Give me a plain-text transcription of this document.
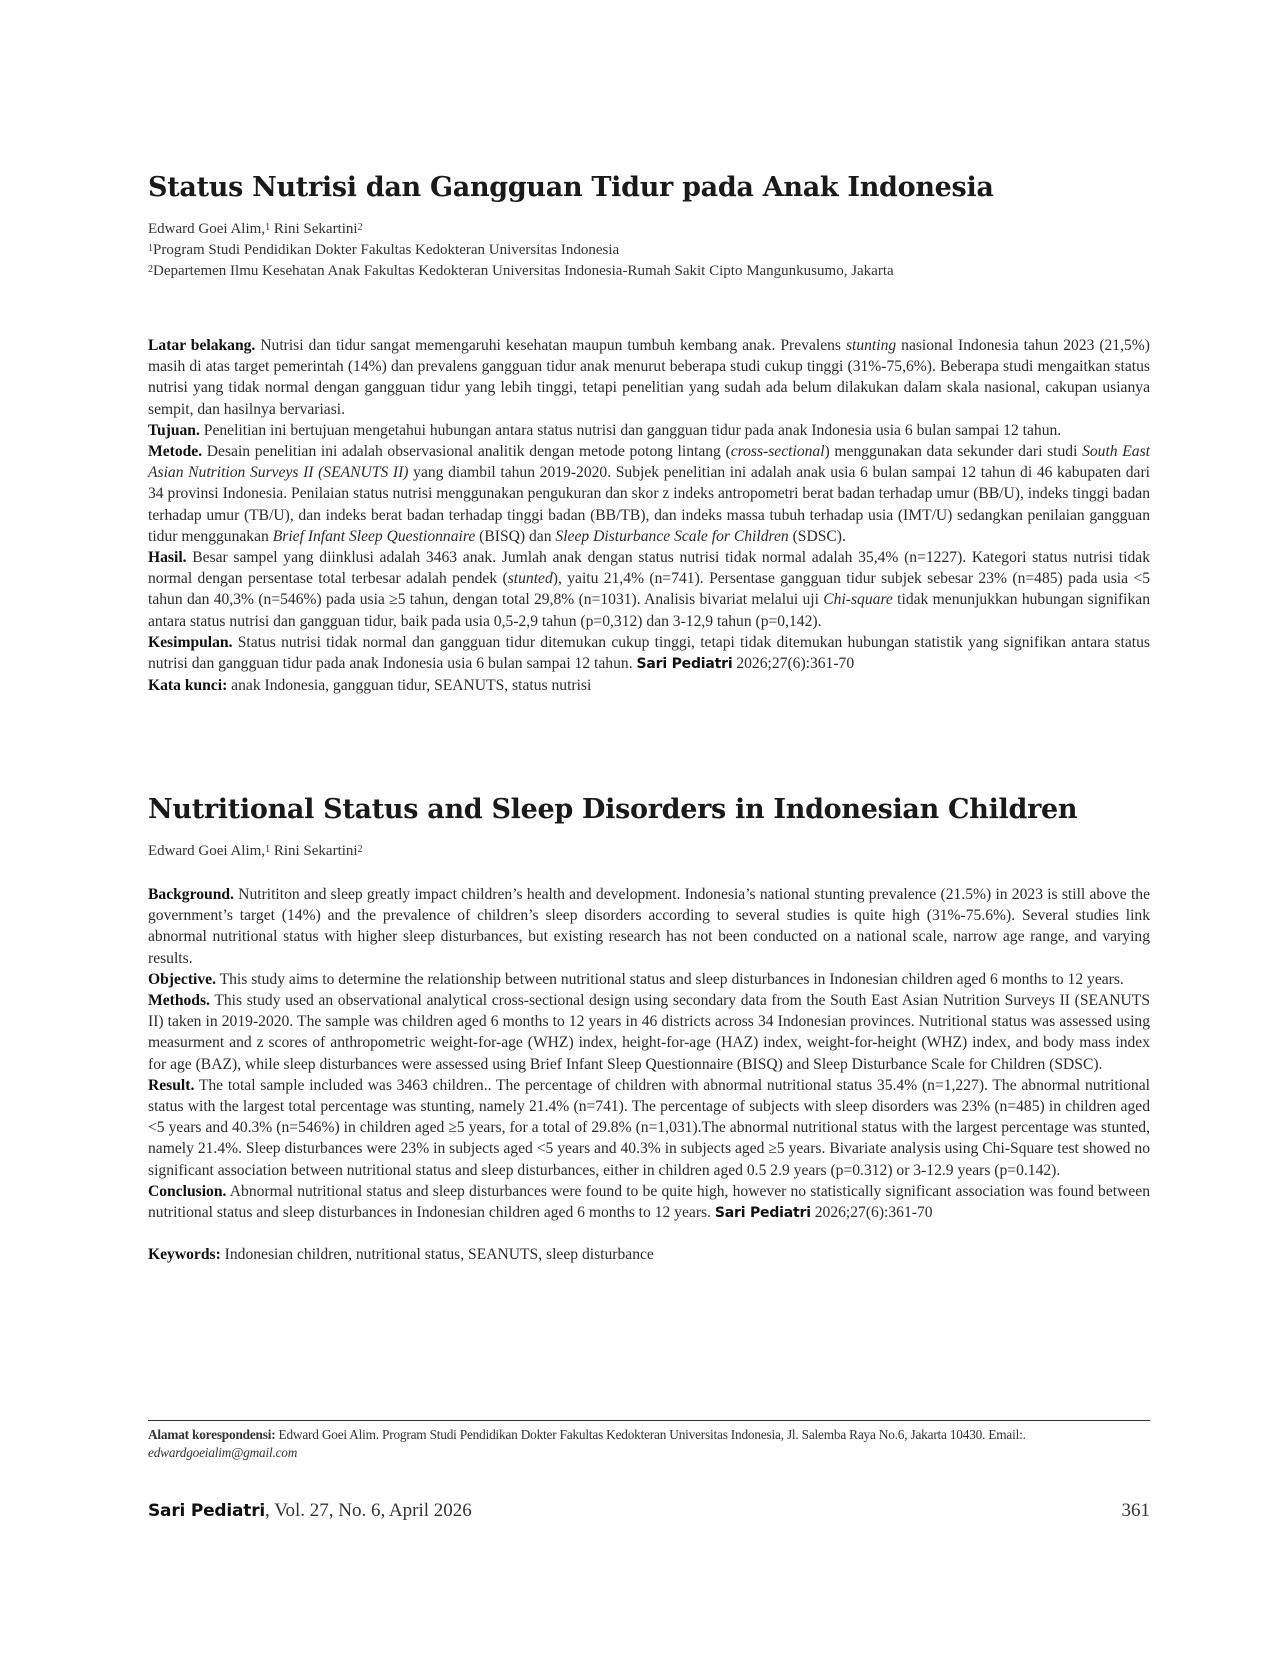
Status Nutrisi dan Gangguan Tidur pada Anak Indonesia
Edward Goei Alim,$^1$ Rini Sekartini$^2$
$^1$Program Studi Pendidikan Dokter Fakultas Kedokteran Universitas Indonesia
$^2$Departemen Ilmu Kesehatan Anak Fakultas Kedokteran Universitas Indonesia-Rumah Sakit Cipto Mangunkusumo, Jakarta

Latar belakang. Nutrisi dan tidur sangat memengaruhi kesehatan maupun tumbuh kembang anak. Prevalens stunting nasional Indonesia tahun 2023 (21,5%) masih di atas target pemerintah (14%) dan prevalens gangguan tidur anak menurut beberapa studi cukup tinggi (31%-75,6%). Beberapa studi mengaitkan status nutrisi yang tidak normal dengan gangguan tidur yang lebih tinggi, tetapi penelitian yang sudah ada belum dilakukan dalam skala nasional, cakupan usianya sempit, dan hasilnya bervariasi.

Tujuan. Penelitian ini bertujuan mengetahui hubungan antara status nutrisi dan gangguan tidur pada anak Indonesia usia 6 bulan sampai 12 tahun.

Metode. Desain penelitian ini adalah observasional analitik dengan metode potong lintang (cross-sectional) menggunakan data sekunder dari studi South East Asian Nutrition Surveys II (SEANUTS II) yang diambil tahun 2019-2020. Subjek penelitian ini adalah anak usia 6 bulan sampai 12 tahun di 46 kabupaten dari 34 provinsi Indonesia. Penilaian status nutrisi menggunakan pengukuran dan skor z indeks antropometri berat badan terhadap umur (BB/U), indeks tinggi badan terhadap umur (TB/U), dan indeks berat badan terhadap tinggi badan (BB/TB), dan indeks massa tubuh terhadap usia (IMT/U) sedangkan penilaian gangguan tidur menggunakan Brief Infant Sleep Questionnaire (BISQ) dan Sleep Disturbance Scale for Children (SDSC).

Hasil. Besar sampel yang diinklusi adalah 3463 anak. Jumlah anak dengan status nutrisi tidak normal adalah 35,4% (n=1227). Kategori status nutrisi tidak normal dengan persentase total terbesar adalah pendek (stunted), yaitu 21,4% (n=741). Persentase gangguan tidur subjek sebesar 23% (n=485) pada usia <5 tahun dan 40,3% (n=546%) pada usia ≥5 tahun, dengan total 29,8% (n=1031). Analisis bivariat melalui uji Chi-square tidak menunjukkan hubungan signifikan antara status nutrisi dan gangguan tidur, baik pada usia 0,5-2,9 tahun (p=0,312) dan 3-12,9 tahun (p=0,142).

Kesimpulan. Status nutrisi tidak normal dan gangguan tidur ditemukan cukup tinggi, tetapi tidak ditemukan hubungan statistik yang signifikan antara status nutrisi dan gangguan tidur pada anak Indonesia usia 6 bulan sampai 12 tahun. Sari Pediatri 2026;27(6):361-70

Kata kunci: anak Indonesia, gangguan tidur, SEANUTS, status nutrisi

Nutritional Status and Sleep Disorders in Indonesian Children
Edward Goei Alim,$^1$ Rini Sekartini$^2$

Background. Nutrititon and sleep greatly impact children’s health and development. Indonesia’s national stunting prevalence (21.5%) in 2023 is still above the government’s target (14%) and the prevalence of children’s sleep disorders according to several studies is quite high (31%-75.6%). Several studies link abnormal nutritional status with higher sleep disturbances, but existing research has not been conducted on a national scale, narrow age range, and varying results.

Objective. This study aims to determine the relationship between nutritional status and sleep disturbances in Indonesian children aged 6 months to 12 years.

Methods. This study used an observational analytical cross-sectional design using secondary data from the South East Asian Nutrition Surveys II (SEANUTS II) taken in 2019-2020. The sample was children aged 6 months to 12 years in 46 districts across 34 Indonesian provinces. Nutritional status was assessed using measurment and z scores of anthropometric weight-for-age (WHZ) index, height-for-age (HAZ) index, weight-for-height (WHZ) index, and body mass index for age (BAZ), while sleep disturbances were assessed using Brief Infant Sleep Questionnaire (BISQ) and Sleep Disturbance Scale for Children (SDSC).

Result. The total sample included was 3463 children.. The percentage of children with abnormal nutritional status 35.4% (n=1,227). The abnormal nutritional status with the largest total percentage was stunting, namely 21.4% (n=741). The percentage of subjects with sleep disorders was 23% (n=485) in children aged <5 years and 40.3% (n=546%) in children aged ≥5 years, for a total of 29.8% (n=1,031).The abnormal nutritional status with the largest percentage was stunted, namely 21.4%. Sleep disturbances were 23% in subjects aged <5 years and 40.3% in subjects aged ≥5 years. Bivariate analysis using Chi-Square test showed no significant association between nutritional status and sleep disturbances, either in children aged 0.5 2.9 years (p=0.312) or 3-12.9 years (p=0.142).

Conclusion. Abnormal nutritional status and sleep disturbances were found to be quite high, however no statistically significant association was found between nutritional status and sleep disturbances in Indonesian children aged 6 months to 12 years. Sari Pediatri 2026;27(6):361-70

Keywords: Indonesian children, nutritional status, SEANUTS, sleep disturbance

Alamat korespondensi: Edward Goei Alim. Program Studi Pendidikan Dokter Fakultas Kedokteran Universitas Indonesia, Jl. Salemba Raya No.6, Jakarta 10430. Email:.
edwardgoeialim@gmail.com
Sari Pediatri, Vol. 27, No. 6, April 2026	361
